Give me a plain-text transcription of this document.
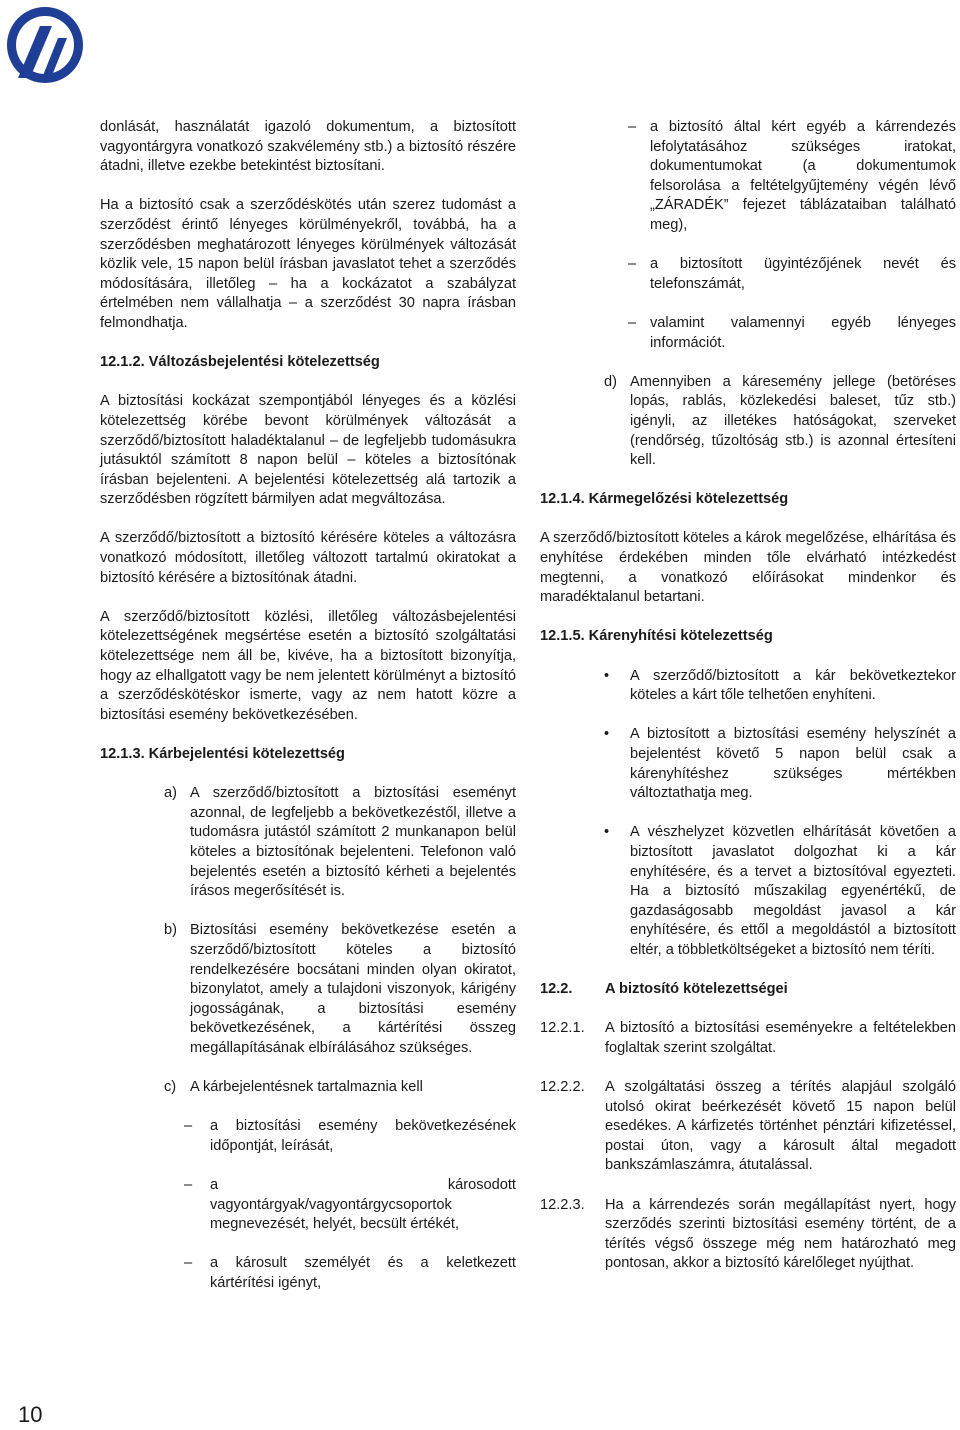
donlását, használatát igazoló dokumentum, a biztosított vagyontárgyra vonatkozó szakvélemény stb.) a biztosító részére átadni, illetve ezekbe betekintést biztosítani.

Ha a biztosító csak a szerződéskötés után szerez tudomást a szerződést érintő lényeges körülményekről, továbbá, ha a szerződésben meghatározott lényeges körülmények változását közlik vele, 15 napon belül írásban javaslatot tehet a szerződés módosítására, illetőleg – ha a kockázatot a szabályzat értelmében nem vállalhatja – a szerződést 30 napra írásban felmondhatja.

12.1.2. Változásbejelentési kötelezettség

A biztosítási kockázat szempontjából lényeges és a közlési kötelezettség körébe bevont körülmények változását a szerződő/biztosított haladéktalanul – de legfeljebb tudomásukra jutásuktól számított 8 napon belül – köteles a biztosítónak írásban bejelenteni. A bejelentési kötelezettség alá tartozik a szerződésben rögzített bármilyen adat megváltozása.

A szerződő/biztosított a biztosító kérésére köteles a változásra vonatkozó módosított, illetőleg változott tartalmú okiratokat a biztosító kérésére a biztosítónak átadni.

A szerződő/biztosított közlési, illetőleg változásbejelentési kötelezettségének megsértése esetén a biztosító szolgáltatási kötelezettsége nem áll be, kivéve, ha a biztosított bizonyítja, hogy az elhallgatott vagy be nem jelentett körülményt a biztosító a szerződéskötéskor ismerte, vagy az nem hatott közre a biztosítási esemény bekövetkezésében.

12.1.3. Kárbejelentési kötelezettség

a) A szerződő/biztosított a biztosítási eseményt azonnal, de legfeljebb a bekövetkezéstől, illetve a tudomásra jutástól számított 2 munkanapon belül köteles a biztosítónak bejelenteni. Telefonon való bejelentés esetén a biztosító kérheti a bejelentés írásos megerősítését is.
b) Biztosítási esemény bekövetkezése esetén a szerződő/biztosított köteles a biztosító rendelkezésére bocsátani minden olyan okiratot, bizonylatot, amely a tulajdoni viszonyok, kárigény jogosságának, a biztosítási esemény bekövetkezésének, a kártérítési összeg megállapításának elbírálásához szükséges.
c) A kárbejelentésnek tartalmaznia kell
– a biztosítási esemény bekövetkezésének időpontját, leírását,
– a károsodott vagyontárgyak/vagyontárgycsoportok megnevezését, helyét, becsült értékét,
– a károsult személyét és a keletkezett kártérítési igényt,
– a biztosító által kért egyéb a kárrendezés lefolytatásához szükséges iratokat, dokumentumokat (a dokumentumok felsorolása a feltételgyűjtemény végén lévő „ZÁRADÉK” fejezet táblázataiban található meg),
– a biztosított ügyintézőjének nevét és telefonszámát,
– valamint valamennyi egyéb lényeges információt.
d) Amennyiben a káresemény jellege (betöréses lopás, rablás, közlekedési baleset, tűz stb.) igényli, az illetékes hatóságokat, szerveket (rendőrség, tűzoltóság stb.) is azonnal értesíteni kell.

12.1.4. Kármegelőzési kötelezettség

A szerződő/biztosított köteles a károk megelőzése, elhárítása és enyhítése érdekében minden tőle elvárható intézkedést megtenni, a vonatkozó előírásokat mindenkor és maradéktalanul betartani.

12.1.5. Kárenyhítési kötelezettség

• A szerződő/biztosított a kár bekövetkeztekor köteles a kárt tőle telhetően enyhíteni.
• A biztosított a biztosítási esemény helyszínét a bejelentést követő 5 napon belül csak a kárenyhítéshez szükséges mértékben változtathatja meg.
• A vészhelyzet közvetlen elhárítását követően a biztosított javaslatot dolgozhat ki a kár enyhítésére, és a tervet a biztosítóval egyezteti. Ha a biztosító műszakilag egyenértékű, de gazdaságosabb megoldást javasol a kár enyhítésére, és ettől a megoldástól a biztosított eltér, a többletköltségeket a biztosító nem téríti.
12.2. A biztosító kötelezettségei
12.2.1. A biztosító a biztosítási eseményekre a feltételekben foglaltak szerint szolgáltat.
12.2.2. A szolgáltatási összeg a térítés alapjául szolgáló utolsó okirat beérkezését követő 15 napon belül esedékes. A kárfizetés történhet pénztári kifizetéssel, postai úton, vagy a károsult által megadott bankszámlaszámra, átutalással.
12.2.3. Ha a kárrendezés során megállapítást nyert, hogy szerződés szerinti biztosítási esemény történt, de a térítés végső összege még nem határozható meg pontosan, akkor a biztosító kárelőleget nyújthat.
10
